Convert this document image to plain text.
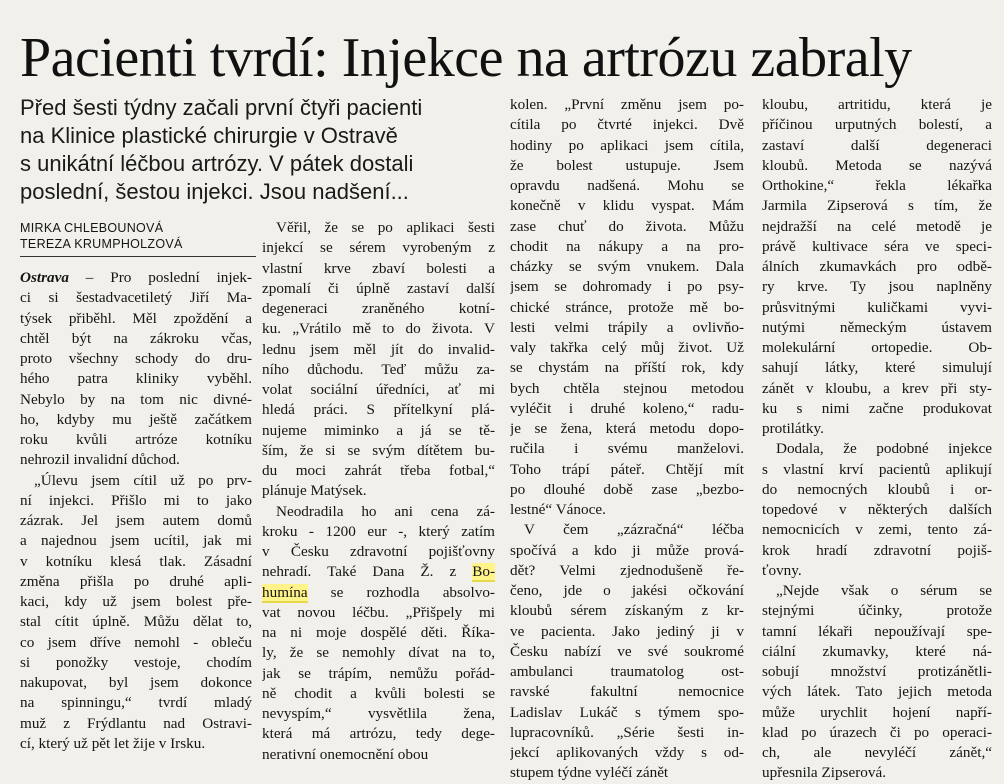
Pacienti tvrdí: Injekce na artrózu zabraly
Před šesti týdny začali první čtyři pacienti
na Klinice plastické chirurgie v Ostravě
s unikátní léčbou artrózy. V pátek dostali
poslední, šestou injekci. Jsou nadšení...
MIRKA CHLEBOUNOVÁ
TEREZA KRUMPHOLZOVÁ
Ostrava – Pro poslední injek-
ci si šestadvacetiletý Jiří Ma-
týsek přiběhl. Měl zpoždění a
chtěl být na zákroku včas,
proto všechny schody do dru-
hého patra kliniky vyběhl.
Nebylo by na tom nic divné-
ho, kdyby mu ještě začátkem
roku kvůli artróze kotníku
nehrozil invalidní důchod.
„Úlevu jsem cítil už po prv-
ní injekci. Přišlo mi to jako
zázrak. Jel jsem autem domů
a najednou jsem ucítil, jak mi
v kotníku klesá tlak. Zásadní
změna přišla po druhé apli-
kaci, kdy už jsem bolest pře-
stal cítit úplně. Můžu dělat to,
co jsem dříve nemohl - obleču
si ponožky vestoje, chodím
nakupovat, byl jsem dokonce
na spinningu,“ tvrdí mladý
muž z Frýdlantu nad Ostravi-
cí, který už pět let žije v Irsku.
Věřil, že se po aplikaci šesti
injekcí se sérem vyrobeným z
vlastní krve zbaví bolesti a
zpomalí či úplně zastaví další
degeneraci zraněného kotní-
ku. „Vrátilo mě to do života. V
lednu jsem měl jít do invalid-
ního důchodu. Teď můžu za-
volat sociální úředníci, ať mi
hledá práci. S přítelkyní plá-
nujeme miminko a já se tě-
ším, že si se svým dítětem bu-
du moci zahrát třeba fotbal,“
plánuje Matýsek.
Neodradila ho ani cena zá-
kroku - 1200 eur -, který zatím
v Česku zdravotní pojišťovny
nehradí. Také Dana Ž. z Bo-
humína se rozhodla absolvo-
vat novou léčbu. „Přišpely mi
na ni moje dospělé děti. Říka-
ly, že se nemohly dívat na to,
jak se trápím, nemůžu pořád-
ně chodit a kvůli bolesti se
nevyspím,“ vysvětlila žena,
která má artrózu, tedy dege-
nerativní onemocnění obou
kolen. „První změnu jsem po-
cítila po čtvrté injekci. Dvě
hodiny po aplikaci jsem cítila,
že bolest ustupuje. Jsem
opravdu nadšená. Mohu se
konečně v klidu vyspat. Mám
zase chuť do života. Můžu
chodit na nákupy a na pro-
cházky se svým vnukem. Dala
jsem se dohromady i po psy-
chické stránce, protože mě bo-
lesti velmi trápily a ovlivňo-
valy takřka celý můj život. Už
se chystám na příští rok, kdy
bych chtěla stejnou metodou
vyléčit i druhé koleno,“ radu-
je se žena, která metodu dopo-
ručila i svému manželovi.
Toho trápí páteř. Chtějí mít
po dlouhé době zase „bezbo-
lestné“ Vánoce.
V čem „zázračná“ léčba
spočívá a kdo ji může prová-
dět? Velmi zjednodušeně ře-
čeno, jde o jakési očkování
kloubů sérem získaným z kr-
ve pacienta. Jako jediný ji v
Česku nabízí ve své soukromé
ambulanci traumatolog ost-
ravské fakultní nemocnice
Ladislav Lukáč s týmem spo-
lupracovníků. „Série šesti in-
jekcí aplikovaných vždy s od-
stupem týdne vyléčí zánět
kloubu, artritidu, která je
příčinou urputných bolestí, a
zastaví další degeneraci
kloubů. Metoda se nazývá
Orthokine,“ řekla lékařka
Jarmila Zipserová s tím, že
nejdražší na celé metodě je
právě kultivace séra ve speci-
álních zkumavkách pro odbě-
ry krve. Ty jsou naplněny
průsvitnými kuličkami vyvi-
nutými německým ústavem
molekulární ortopedie. Ob-
sahují látky, které simulují
zánět v kloubu, a krev při sty-
ku s nimi začne produkovat
protilátky.
Dodala, že podobné injekce
s vlastní krví pacientů aplikují
do nemocných kloubů i or-
topedové v některých dalších
nemocnicích v zemi, tento zá-
krok hradí zdravotní pojiš-
ťovny.
„Nejde však o sérum se
stejnými účinky, protože
tamní lékaři nepoužívají spe-
ciální zkumavky, které ná-
sobují množství protizánětli-
vých látek. Tato jejich metoda
může urychlit hojení napří-
klad po úrazech či po operaci-
ch, ale nevyléčí zánět,“
upřesnila Zipserová.
